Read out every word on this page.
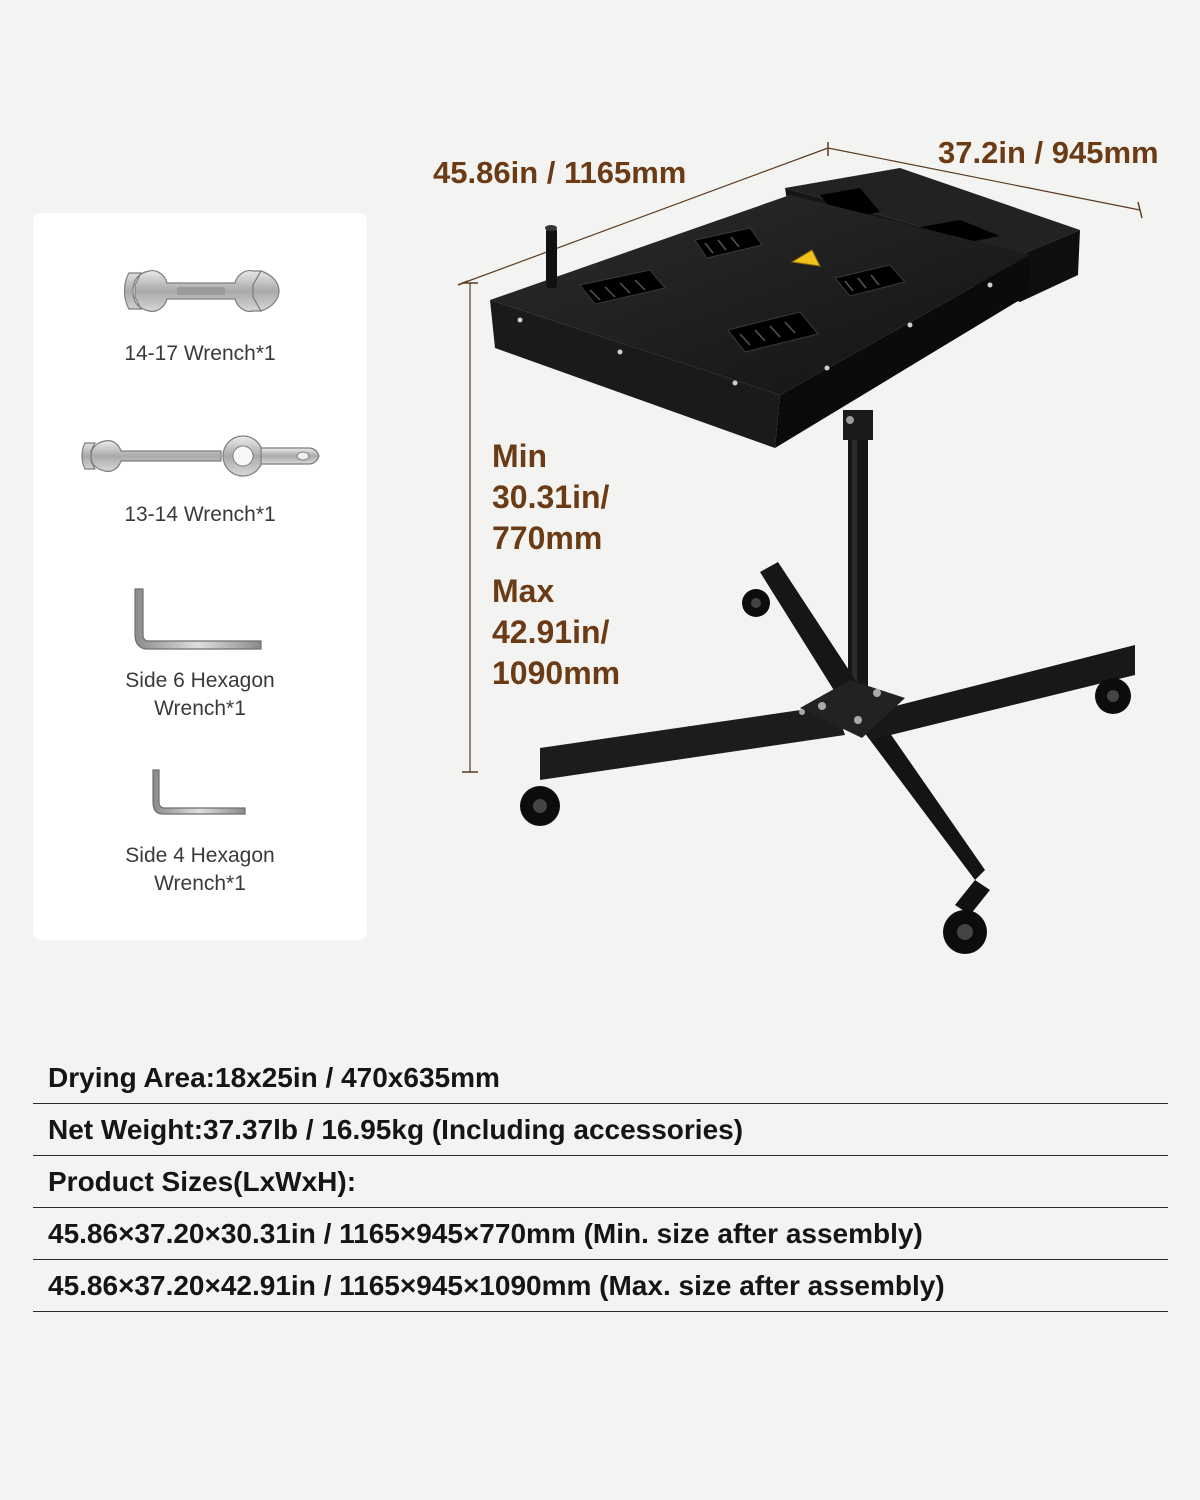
14-17 Wrench*1
13-14 Wrench*1
Side 6 Hexagon
Wrench*1
Side 4 Hexagon
Wrench*1
45.86in / 1165mm
37.2in / 945mm
Min
30.31in/
770mm
Max
42.91in/
1090mm
Drying Area:18x25in / 470x635mm
Net Weight:37.37lb / 16.95kg (Including accessories)
Product Sizes(LxWxH):
45.86×37.20×30.31in / 1165×945×770mm (Min. size after assembly)
45.86×37.20×42.91in / 1165×945×1090mm (Max. size after assembly)
